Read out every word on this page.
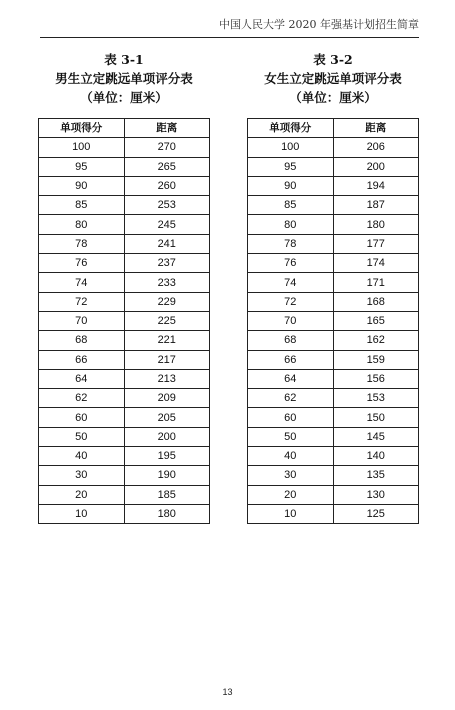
中国人民大学 2020 年强基计划招生简章
表 3-1
男生立定跳远单项评分表
（单位：厘米）
单项得分	距离
100	270
95	265
90	260
85	253
80	245
78	241
76	237
74	233
72	229
70	225
68	221
66	217
64	213
62	209
60	205
50	200
40	195
30	190
20	185
10	180
表 3-2
女生立定跳远单项评分表
（单位：厘米）
单项得分	距离
100	206
95	200
90	194
85	187
80	180
78	177
76	174
74	171
72	168
70	165
68	162
66	159
64	156
62	153
60	150
50	145
40	140
30	135
20	130
10	125
13
